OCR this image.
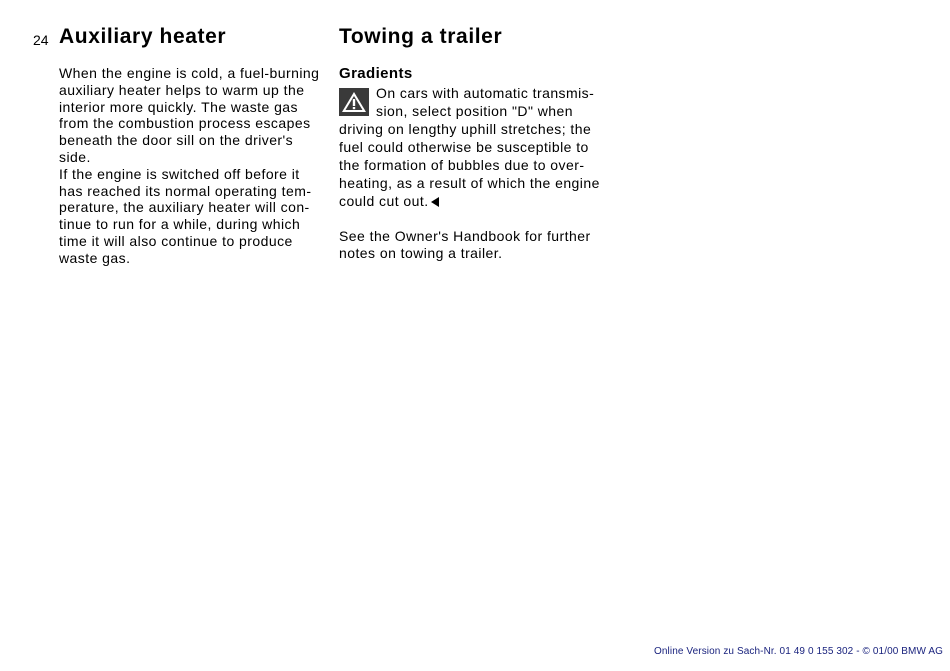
24 Auxiliary heater

When the engine is cold, a fuel-burning
auxiliary heater helps to warm up the
interior more quickly. The waste gas
from the combustion process escapes
beneath the door sill on the driver's
side.
If the engine is switched off before it
has reached its normal operating tem-
perature, the auxiliary heater will con-
tinue to run for a while, during which
time it will also continue to produce
waste gas.

Towing a trailer
Gradients

On cars with automatic transmis-
sion, select position "D" when
driving on lengthy uphill stretches; the
fuel could otherwise be susceptible to
the formation of bubbles due to over-
heating, as a result of which the engine
could cut out.

See the Owner's Handbook for further
notes on towing a trailer.

Online Version zu Sach-Nr. 01 49 0 155 302 - © 01/00 BMW AG
